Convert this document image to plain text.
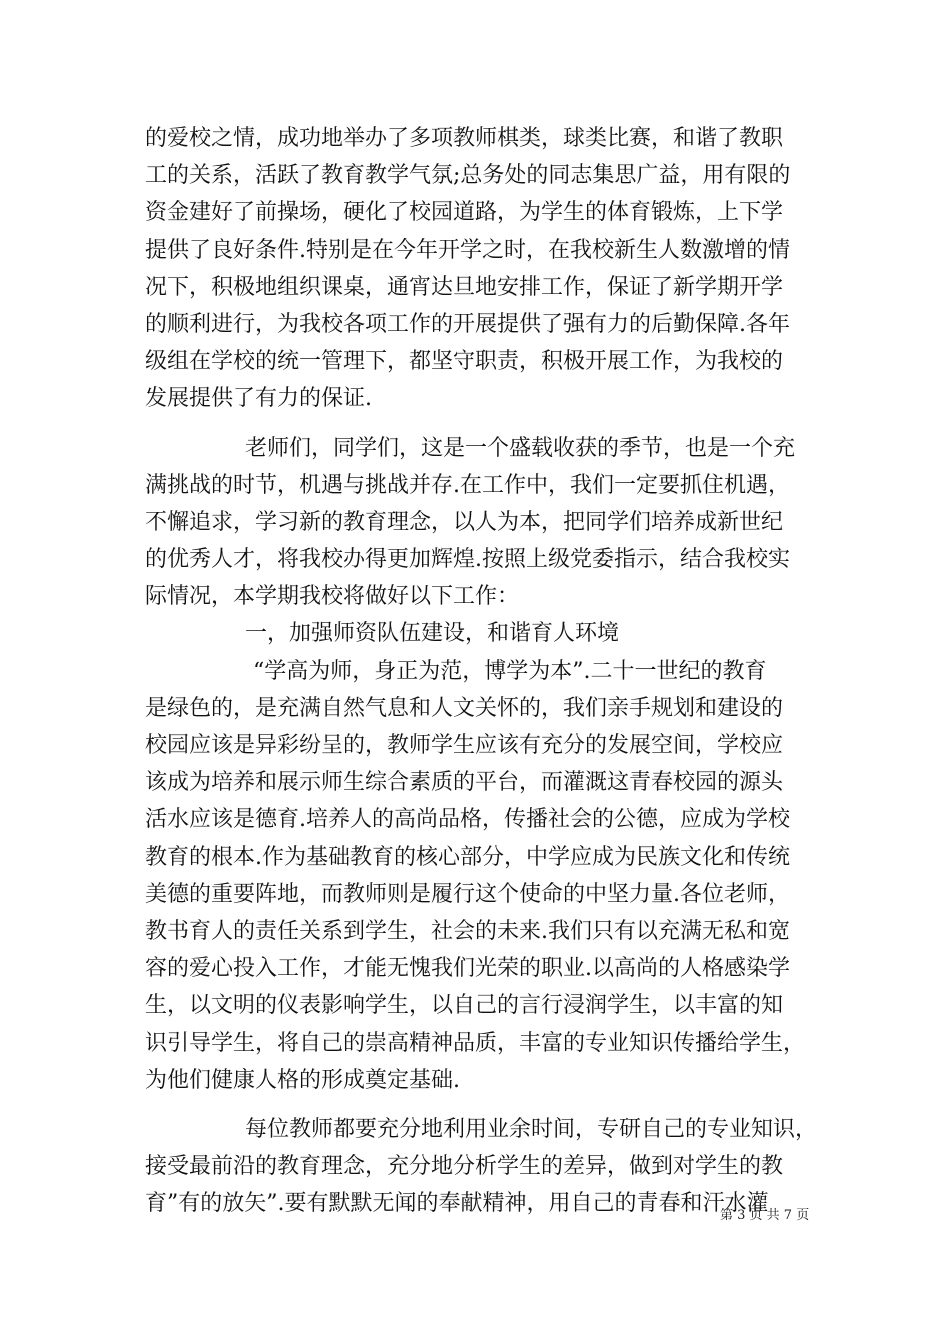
的爱校之情，成功地举办了多项教师棋类，球类比赛，和谐了教职
工的关系，活跃了教育教学气氛;总务处的同志集思广益，用有限的
资金建好了前操场，硬化了校园道路，为学生的体育锻炼，上下学
提供了良好条件.特别是在今年开学之时，在我校新生人数激增的情
况下，积极地组织课桌，通宵达旦地安排工作，保证了新学期开学
的顺利进行，为我校各项工作的开展提供了强有力的后勤保障.各年
级组在学校的统一管理下，都坚守职责，积极开展工作，为我校的
发展提供了有力的保证.
老师们，同学们，这是一个盛载收获的季节，也是一个充
满挑战的时节，机遇与挑战并存.在工作中，我们一定要抓住机遇，
不懈追求，学习新的教育理念，以人为本，把同学们培养成新世纪
的优秀人才，将我校办得更加辉煌.按照上级党委指示，结合我校实
际情况，本学期我校将做好以下工作：
一，加强师资队伍建设，和谐育人环境
“学高为师，身正为范，博学为本”.二十一世纪的教育
是绿色的，是充满自然气息和人文关怀的，我们亲手规划和建设的
校园应该是异彩纷呈的，教师学生应该有充分的发展空间，学校应
该成为培养和展示师生综合素质的平台，而灌溉这青春校园的源头
活水应该是德育.培养人的高尚品格，传播社会的公德，应成为学校
教育的根本.作为基础教育的核心部分，中学应成为民族文化和传统
美德的重要阵地，而教师则是履行这个使命的中坚力量.各位老师，
教书育人的责任关系到学生，社会的未来.我们只有以充满无私和宽
容的爱心投入工作，才能无愧我们光荣的职业.以高尚的人格感染学
生，以文明的仪表影响学生，以自己的言行浸润学生，以丰富的知
识引导学生，将自己的崇高精神品质，丰富的专业知识传播给学生，
为他们健康人格的形成奠定基础.
每位教师都要充分地利用业余时间，专研自己的专业知识，
接受最前沿的教育理念，充分地分析学生的差异，做到对学生的教
育”有的放矢”.要有默默无闻的奉献精神，用自己的青春和汗水灌
第 3 页 共 7 页
